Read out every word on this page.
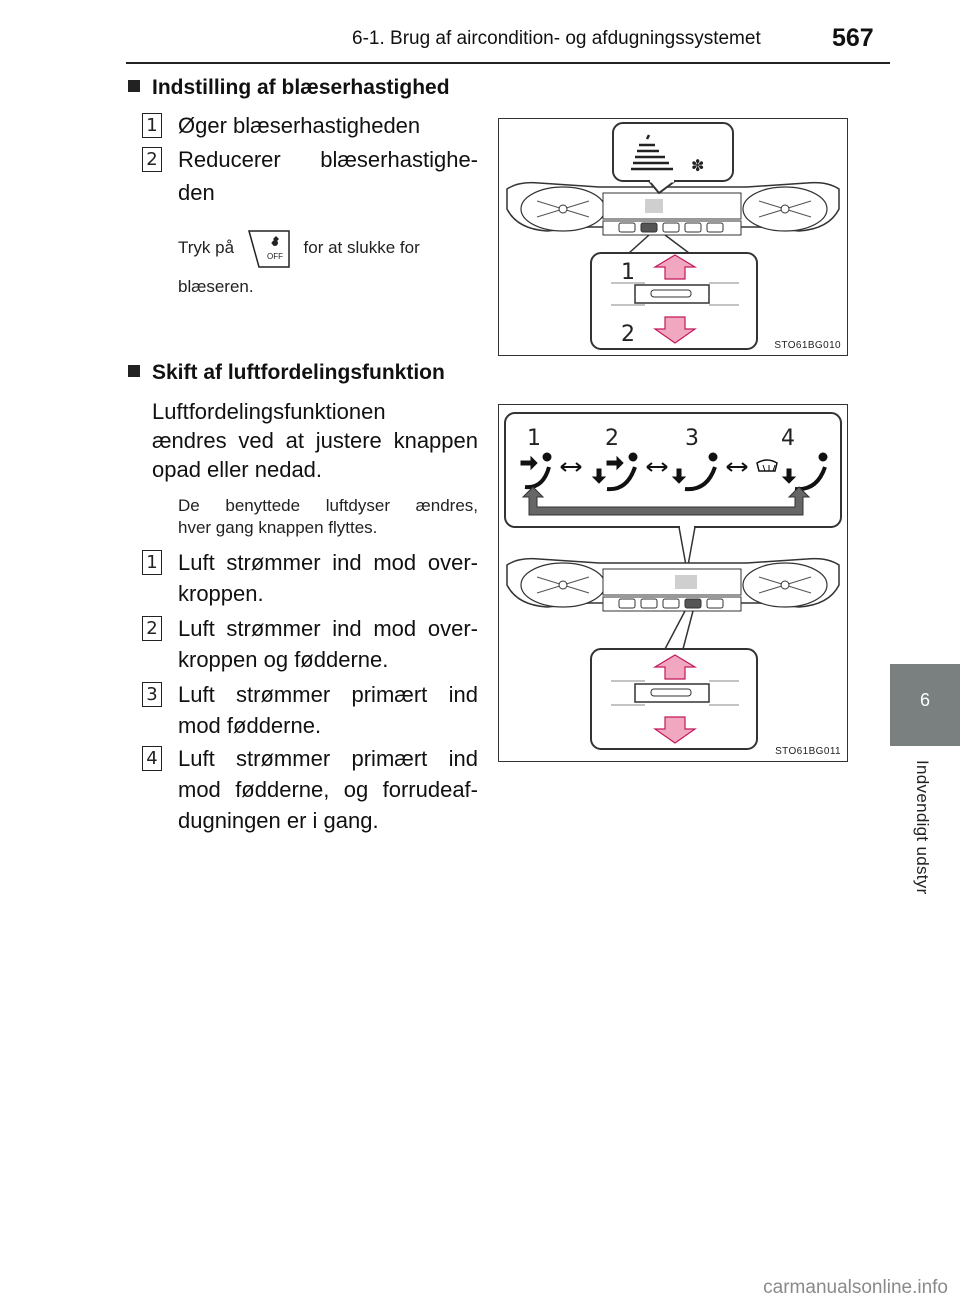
6-1. Brug af aircondition- og afdugningssystemet	567
6
Indvendigt udstyr
Indstilling af blæserhastighed
1 Øger blæserhastigheden
2 Reducerer blæserhastighe-
den
Tryk på	OFF for at slukke for
blæseren.
✽
1
2	STO61BG010
Skift af luftfordelingsfunktion
Luftfordelingsfunktionen
ændres ved at justere knappen
opad eller nedad.
De benyttede luftdyser ændres,
hver gang knappen flyttes.
1 Luft strømmer ind mod over-
kroppen.
2 Luft strømmer ind mod over-
kroppen og fødderne.
3 Luft strømmer primært ind
mod fødderne.
4 Luft strømmer primært ind
mod fødderne, og forrudeaf-
dugningen er i gang.
1	2	3	4
STO61BG011
carmanualsonline.info
